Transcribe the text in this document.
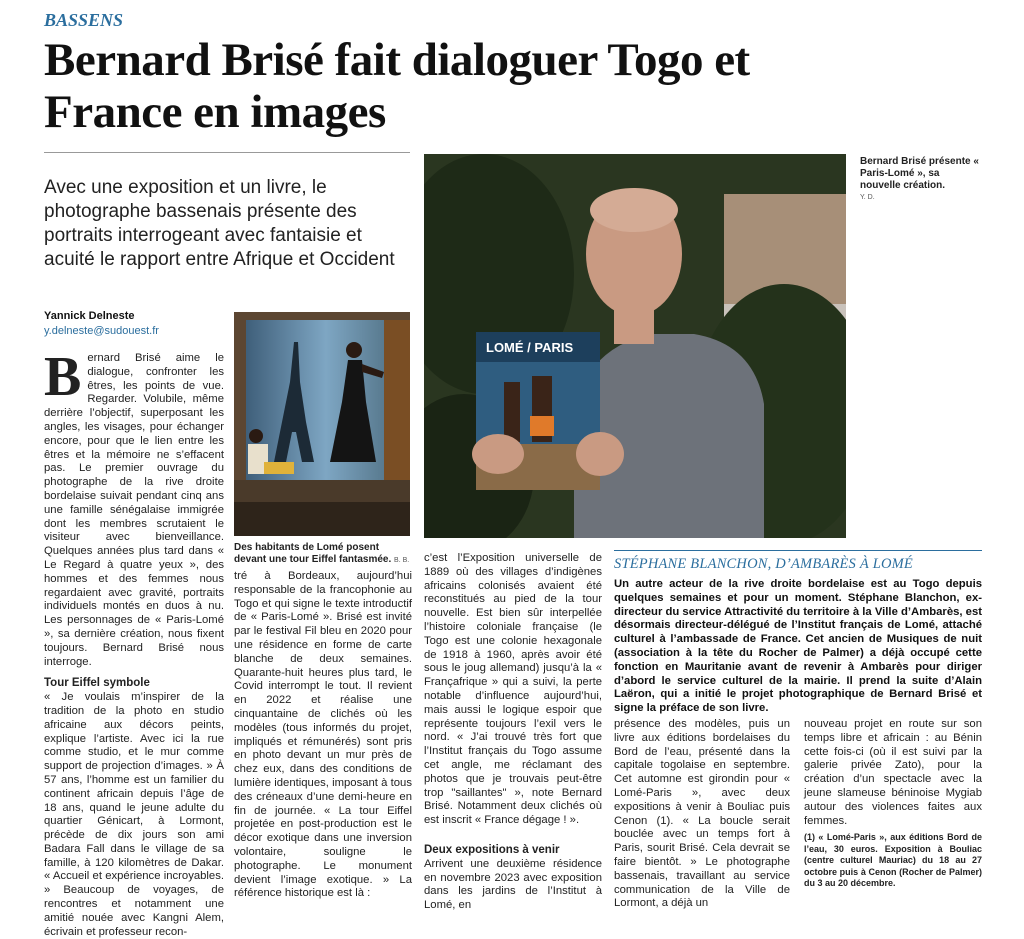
BASSENS
Bernard Brisé fait dialoguer Togo et France en images
Avec une exposition et un livre, le photographe bassenais présente des portraits interrogeant avec fantaisie et acuité le rapport entre Afrique et Occident
Yannick Delneste
y.delneste@sudouest.fr

Bernard Brisé aime le dialogue, confronter les êtres, les points de vue. Regarder. Volubile, même derrière l’objectif, superposant les angles, les visages, pour échanger encore, pour que le lien entre les êtres et la mémoire ne s’effacent pas. Le premier ouvrage du photographe de la rive droite bordelaise suivait pendant cinq ans une famille sénégalaise immigrée dont les membres scrutaient le visiteur avec bienveillance. Quelques années plus tard dans « Le Regard à quatre yeux », des hommes et des femmes nous regardaient avec gravité, portraits individuels montés en duos à nu. Les personnages de « Paris-Lomé », sa dernière création, nous fixent toujours. Bernard Brisé nous interroge.

Tour Eiffel symbole

« Je voulais m’inspirer de la tradition de la photo en studio africaine aux décors peints, explique l’artiste. Avec ici la rue comme studio, et le mur comme support de projection d’images. » À 57 ans, l’homme est un familier du continent africain depuis l’âge de 18 ans, quand le jeune adulte du quartier Génicart, à Lormont, précède de dix jours son ami Badara Fall dans le village de sa famille, à 120 kilomètres de Dakar. « Accueil et expérience incroyables. » Beaucoup de voyages, de rencontres et notamment une amitié nouée avec Kangni Alem, écrivain et professeur recon-

Des habitants de Lomé posent devant une tour Eiffel fantasmée. B. B.
LOMÉ / PARIS
Bernard Brisé présente « Paris-Lomé », sa nouvelle création.
Y. D.
tré à Bordeaux, aujourd’hui responsable de la francophonie au Togo et qui signe le texte introductif de « Paris-Lomé ». Brisé est invité par le festival Fil bleu en 2020 pour une résidence en forme de carte blanche de deux semaines. Quarante-huit heures plus tard, le Covid interrompt le tout. Il revient en 2022 et réalise une cinquantaine de clichés où les modèles (tous informés du projet, impliqués et rémunérés) sont pris en photo devant un mur près de chez eux, dans des conditions de lumière identiques, imposant à tous des créneaux d’une demi-heure en fin de journée. « La tour Eiffel projetée en post-production est le décor exotique dans une inversion volontaire, souligne le photographe. Le monument devient l’image exotique. » La référence historique est là :

c’est l’Exposition universelle de 1889 où des villages d’indigènes africains colonisés avaient été reconstitués au pied de la tour nouvelle. Est bien sûr interpellée l’histoire coloniale française (le Togo est une colonie hexagonale de 1918 à 1960, après avoir été sous le joug allemand) jusqu’à la « Françafrique » qui a suivi, la perte notable d’influence aujourd’hui, mais aussi le logique espoir que représente toujours l’exil vers le nord. « J’ai trouvé très fort que l’Institut français du Togo assume cet angle, me réclamant des photos que je trouvais peut-être trop "saillantes" », note Bernard Brisé. Notamment deux clichés où est inscrit « France dégage ! ».

Deux expositions à venir

Arrivent une deuxième résidence en novembre 2023 avec exposition dans les jardins de l’Institut à Lomé, en

STÉPHANE BLANCHON, D’AMBARÈS À LOMÉ
Un autre acteur de la rive droite bordelaise est au Togo depuis quelques semaines et pour un moment. Stéphane Blanchon, ex-directeur du service Attractivité du territoire à la Ville d’Ambarès, est désormais directeur-délégué de l’Institut français de Lomé, attaché culturel à l’ambassade de France. Cet ancien de Musiques de nuit (association à la tête du Rocher de Palmer) a déjà occupé cette fonction en Mauritanie avant de revenir à Ambarès pour diriger d’abord le service culturel de la mairie. Il prend la suite d’Alain Laëron, qui a initié le projet photographique de Bernard Brisé et signe la préface de son livre.
présence des modèles, puis un livre aux éditions bordelaises du Bord de l’eau, présenté dans la capitale togolaise en septembre. Cet automne est girondin pour « Lomé-Paris », avec deux expositions à venir à Bouliac puis Cenon (1). « La boucle serait bouclée avec un temps fort à Paris, sourit Brisé. Cela devrait se faire bientôt. » Le photographe bassenais, travaillant au service communication de la Ville de Lormont, a déjà un

nouveau projet en route sur son temps libre et africain : au Bénin cette fois-ci (où il est suivi par la galerie privée Zato), pour la création d’un spectacle avec la jeune slameuse béninoise Mygiab autour des violences faites aux femmes.

(1) « Lomé-Paris », aux éditions Bord de l’eau, 30 euros. Exposition à Bouliac (centre culturel Mauriac) du 18 au 27 octobre puis à Cenon (Rocher de Palmer) du 3 au 20 décembre.
